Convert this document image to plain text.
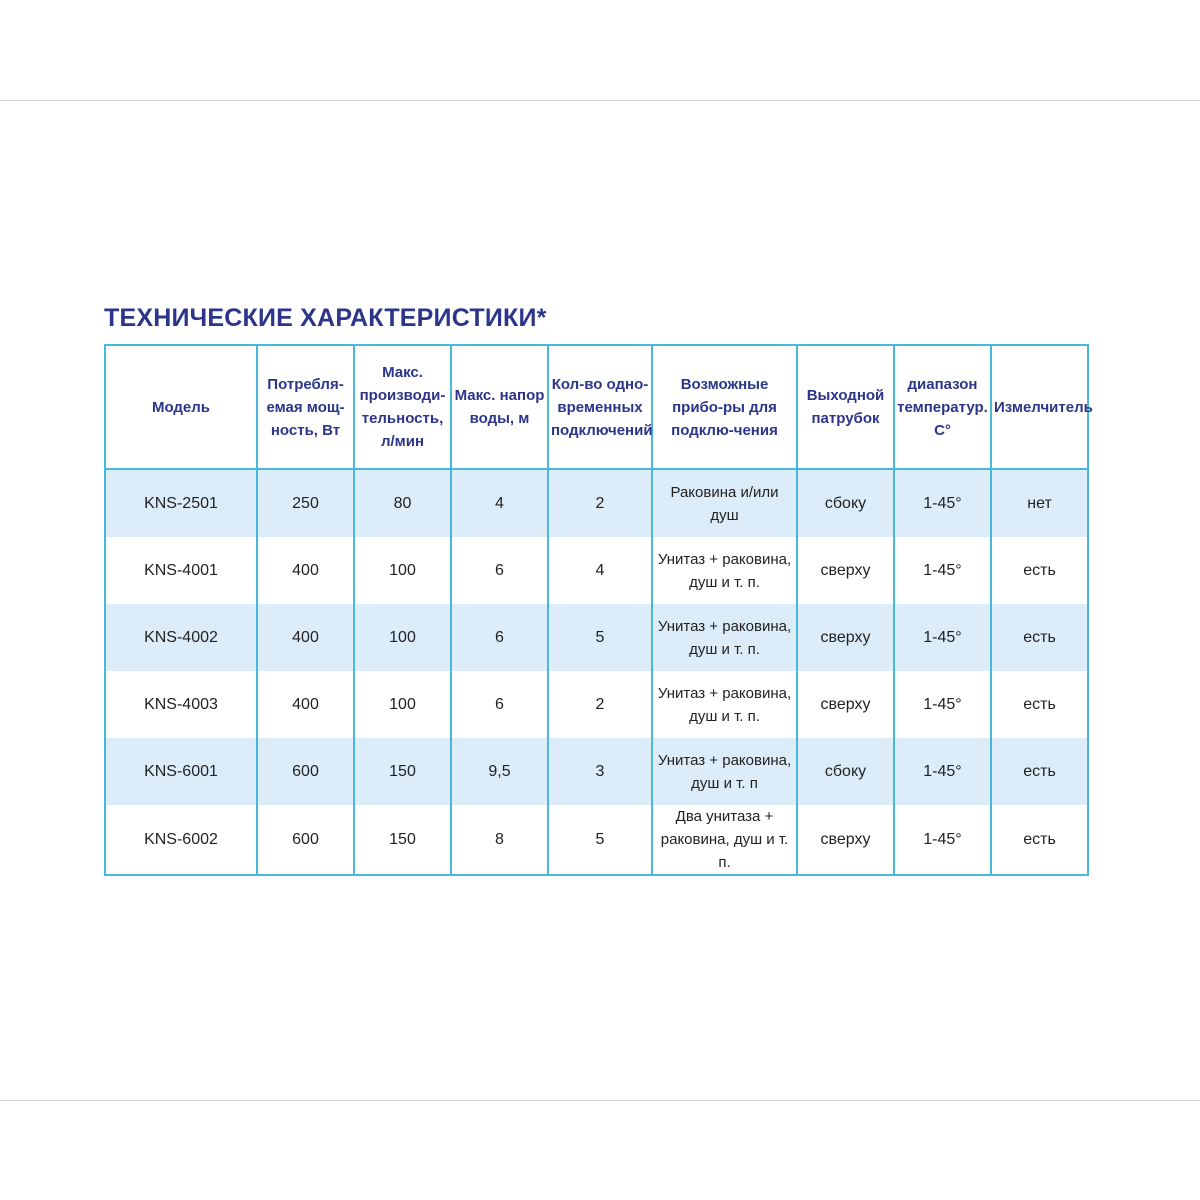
ТЕХНИЧЕСКИЕ ХАРАКТЕРИСТИКИ*
Модель	Потребля-емая мощ-ность, Вт	Макс. производи-тельность, л/мин	Макс. напор воды, м	Кол-во одно-временных подключений	Возможные прибо-ры для подклю-чения	Выходной патрубок	диапазон температур. С°	Измелчитель
KNS-2501	250	80	4	2	Раковина и/или душ	сбоку	1-45°	нет
KNS-4001	400	100	6	4	Унитаз + раковина, душ и т. п.	сверху	1-45°	есть
KNS-4002	400	100	6	5	Унитаз + раковина, душ и т. п.	сверху	1-45°	есть
KNS-4003	400	100	6	2	Унитаз + раковина, душ и т. п.	сверху	1-45°	есть
KNS-6001	600	150	9,5	3	Унитаз + раковина, душ и т. п	сбоку	1-45°	есть
KNS-6002	600	150	8	5	Два унитаза + раковина, душ и т. п.	сверху	1-45°	есть
